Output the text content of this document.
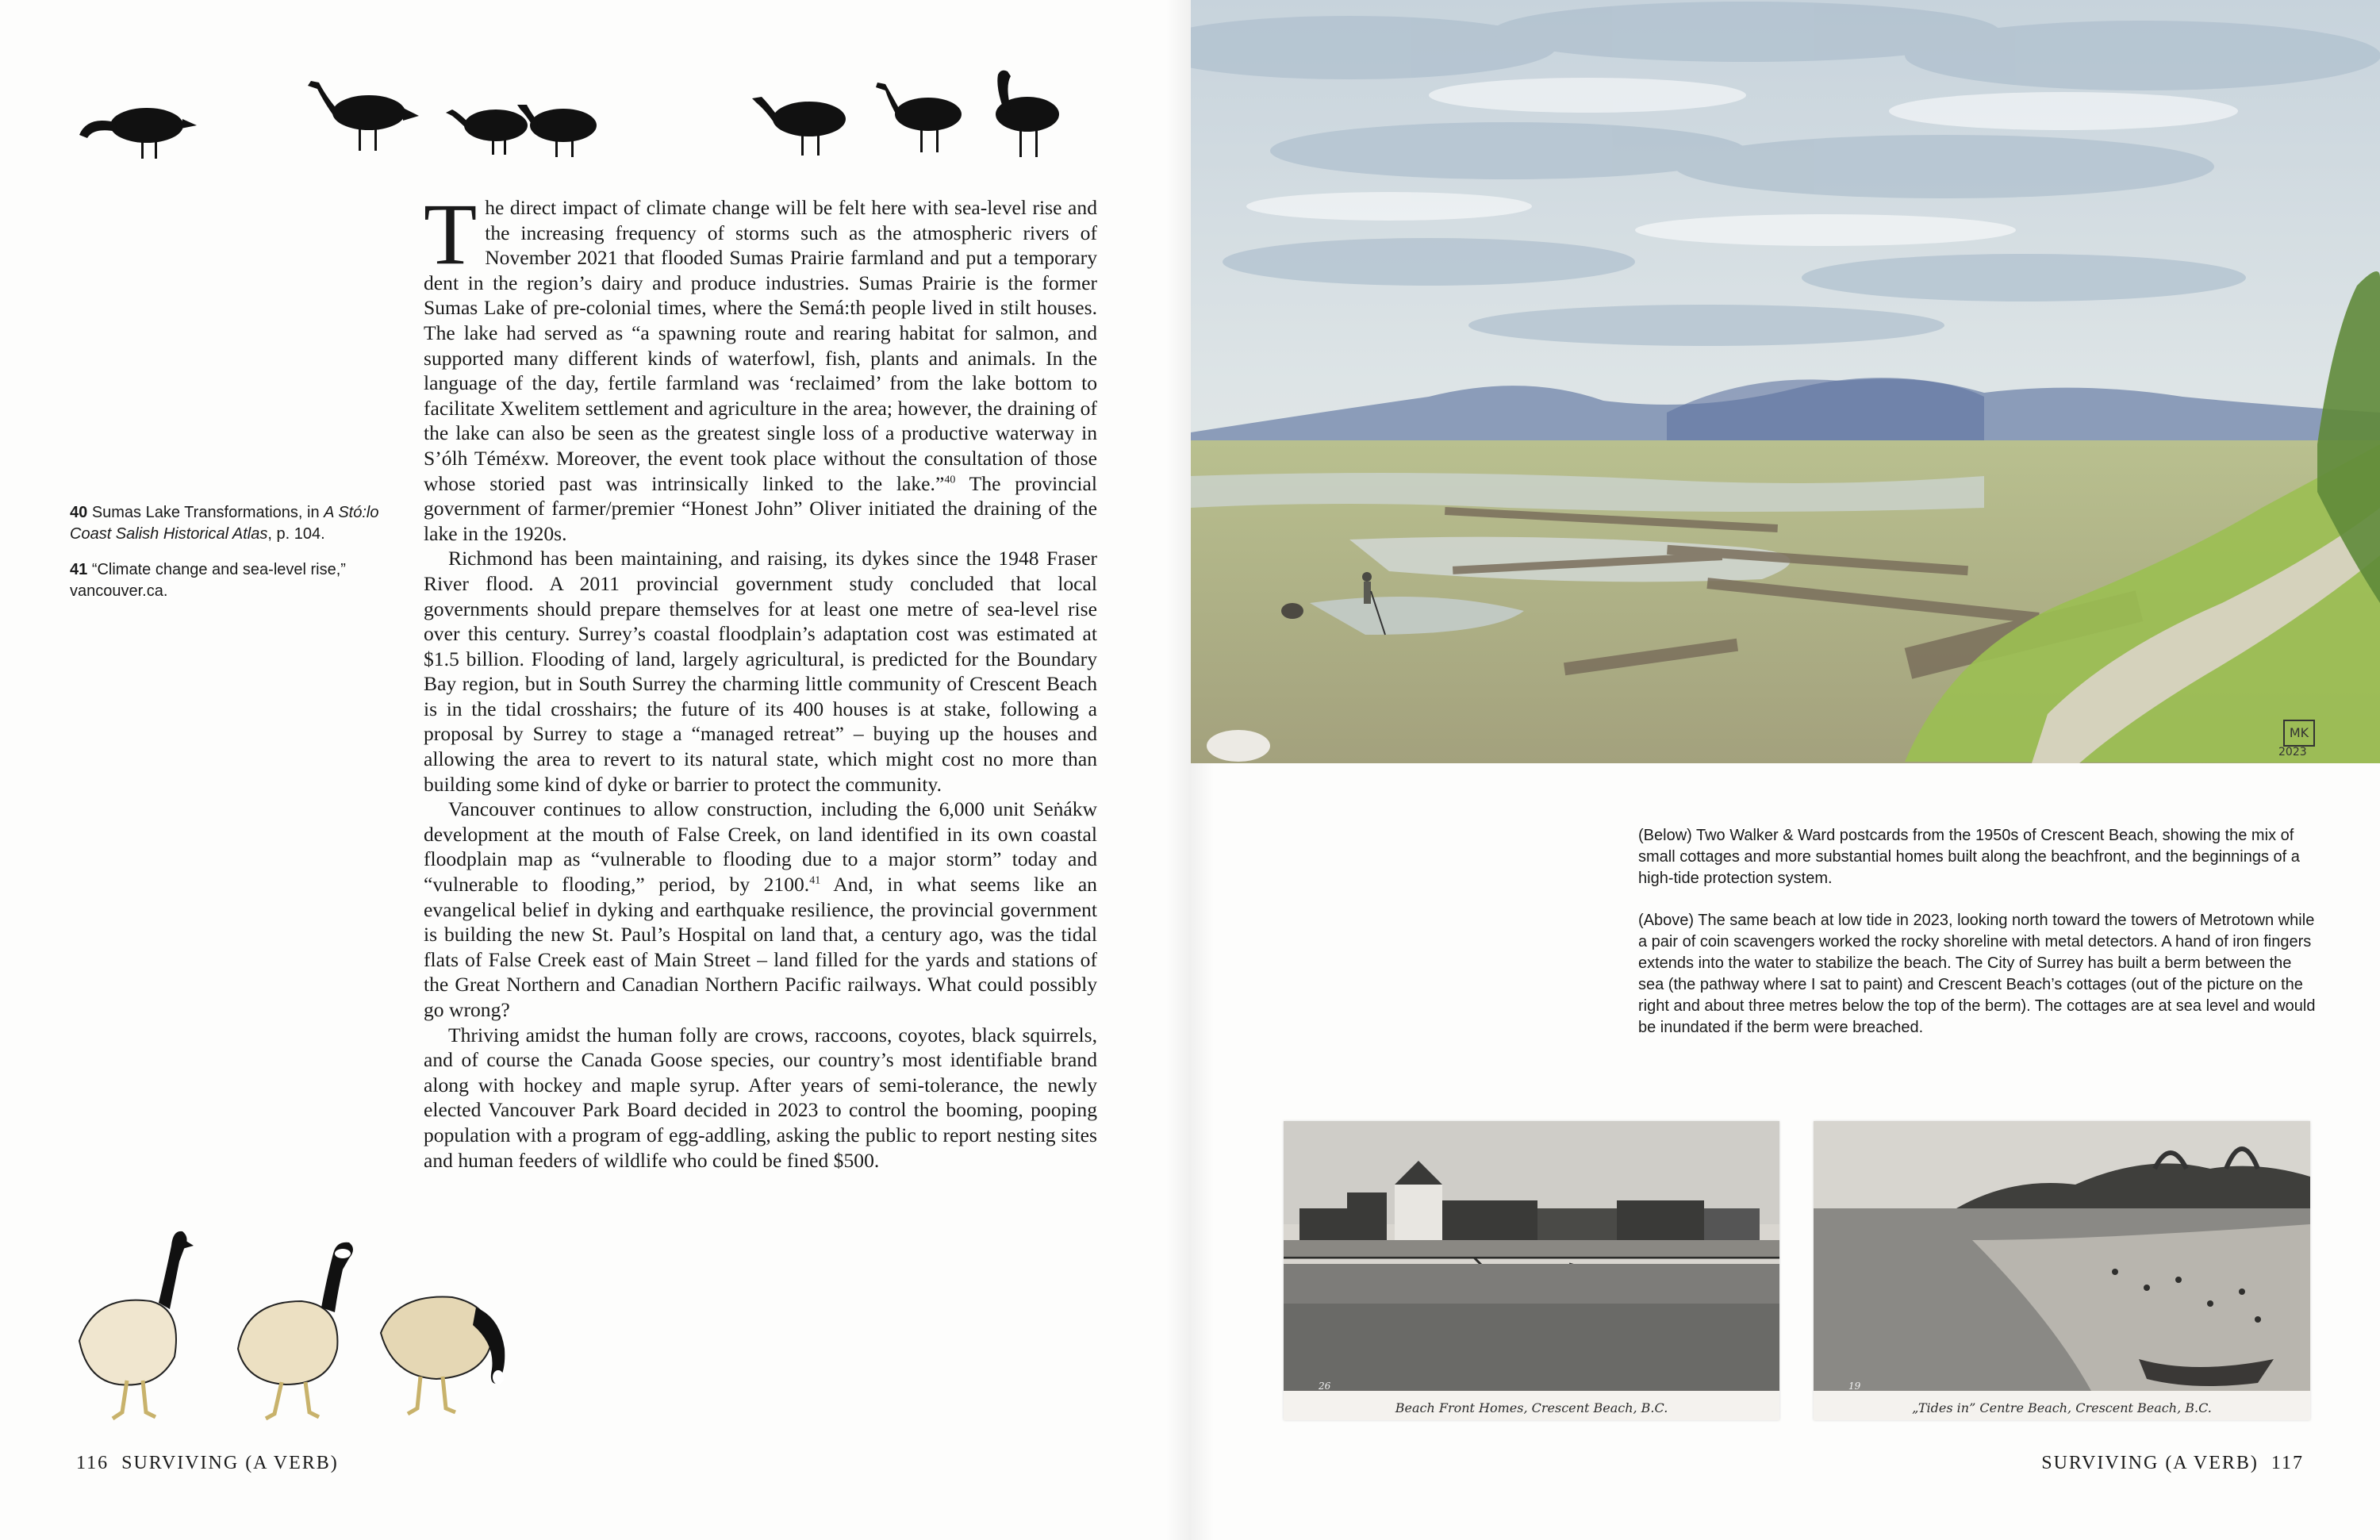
40 Sumas Lake Transformations, in A Stó:lo Coast Salish Historical Atlas, p. 104.

41 “Climate change and sea-level rise,” vancouver.ca.

The direct impact of climate change will be felt here with sea-level rise and the increasing frequency of storms such as the atmospheric rivers of November 2021 that flooded Sumas Prairie farmland and put a temporary dent in the region’s dairy and produce industries. Sumas Prairie is the former Sumas Lake of pre-colonial times, where the Semá:th people lived in stilt houses. The lake had served as “a spawning route and rearing habitat for salmon, and supported many different kinds of waterfowl, fish, plants and animals. In the language of the day, fertile farmland was ‘reclaimed’ from the lake bottom to facilitate Xwelitem settlement and agriculture in the area; however, the draining of the lake can also be seen as the greatest single loss of a productive waterway in S’ólh Téméxw. Moreover, the event took place without the consultation of those whose storied past was intrinsically linked to the lake.”$^{40}$ The provincial government of farmer/premier “Honest John” Oliver initiated the draining of the lake in the 1920s.

Richmond has been maintaining, and raising, its dykes since the 1948 Fraser River flood. A 2011 provincial government study concluded that local governments should prepare themselves for at least one metre of sea-level rise over this century. Surrey’s coastal floodplain’s adaptation cost was estimated at $1.5 billion. Flooding of land, largely agricultural, is predicted for the Boundary Bay region, but in South Surrey the charming little community of Crescent Beach is in the tidal crosshairs; the future of its 400 houses is at stake, following a proposal by Surrey to stage a “managed retreat” – buying up the houses and allowing the area to revert to its natural state, which might cost no more than building some kind of dyke or barrier to protect the community.

Vancouver continues to allow construction, including the 6,000 unit Seṅákw development at the mouth of False Creek, on land identified in its own coastal floodplain map as “vulnerable to flooding due to a major storm” today and “vulnerable to flooding,” period, by 2100.41 And, in what seems like an evangelical belief in dyking and earthquake resilience, the provincial government is building the new St. Paul’s Hospital on land that, a century ago, was the tidal flats of False Creek east of Main Street – land filled for the yards and stations of the Great Northern and Canadian Northern Pacific railways. What could possibly go wrong?

Thriving amidst the human folly are crows, raccoons, coyotes, black squirrels, and of course the Canada Goose species, our country’s most identifiable brand along with hockey and maple syrup. After years of semi-tolerance, the newly elected Vancouver Park Board decided in 2023 to control the booming, pooping population with a program of egg-addling, asking the public to report nesting sites and human feeders of wildlife who could be fined $500.

116 SURVIVING (A VERB)	SURVIVING (A VERB) 117
MK
2023

(Below) Two Walker & Ward postcards from the 1950s of Crescent Beach, showing the mix of small cottages and more substantial homes built along the beachfront, and the beginnings of a high-tide protection system.

(Above) The same beach at low tide in 2023, looking north toward the towers of Metrotown while a pair of coin scavengers worked the rocky shoreline with metal detectors. A hand of iron fingers extends into the water to stabilize the beach. The City of Surrey has built a berm between the sea (the pathway where I sat to paint) and Crescent Beach’s cottages (out of the picture on the right and about three metres below the top of the berm). The cottages are at sea level and would be inundated if the berm were breached.

26
Beach Front Homes, Crescent Beach, B.C.
19
„Tides in” Centre Beach, Crescent Beach, B.C.
